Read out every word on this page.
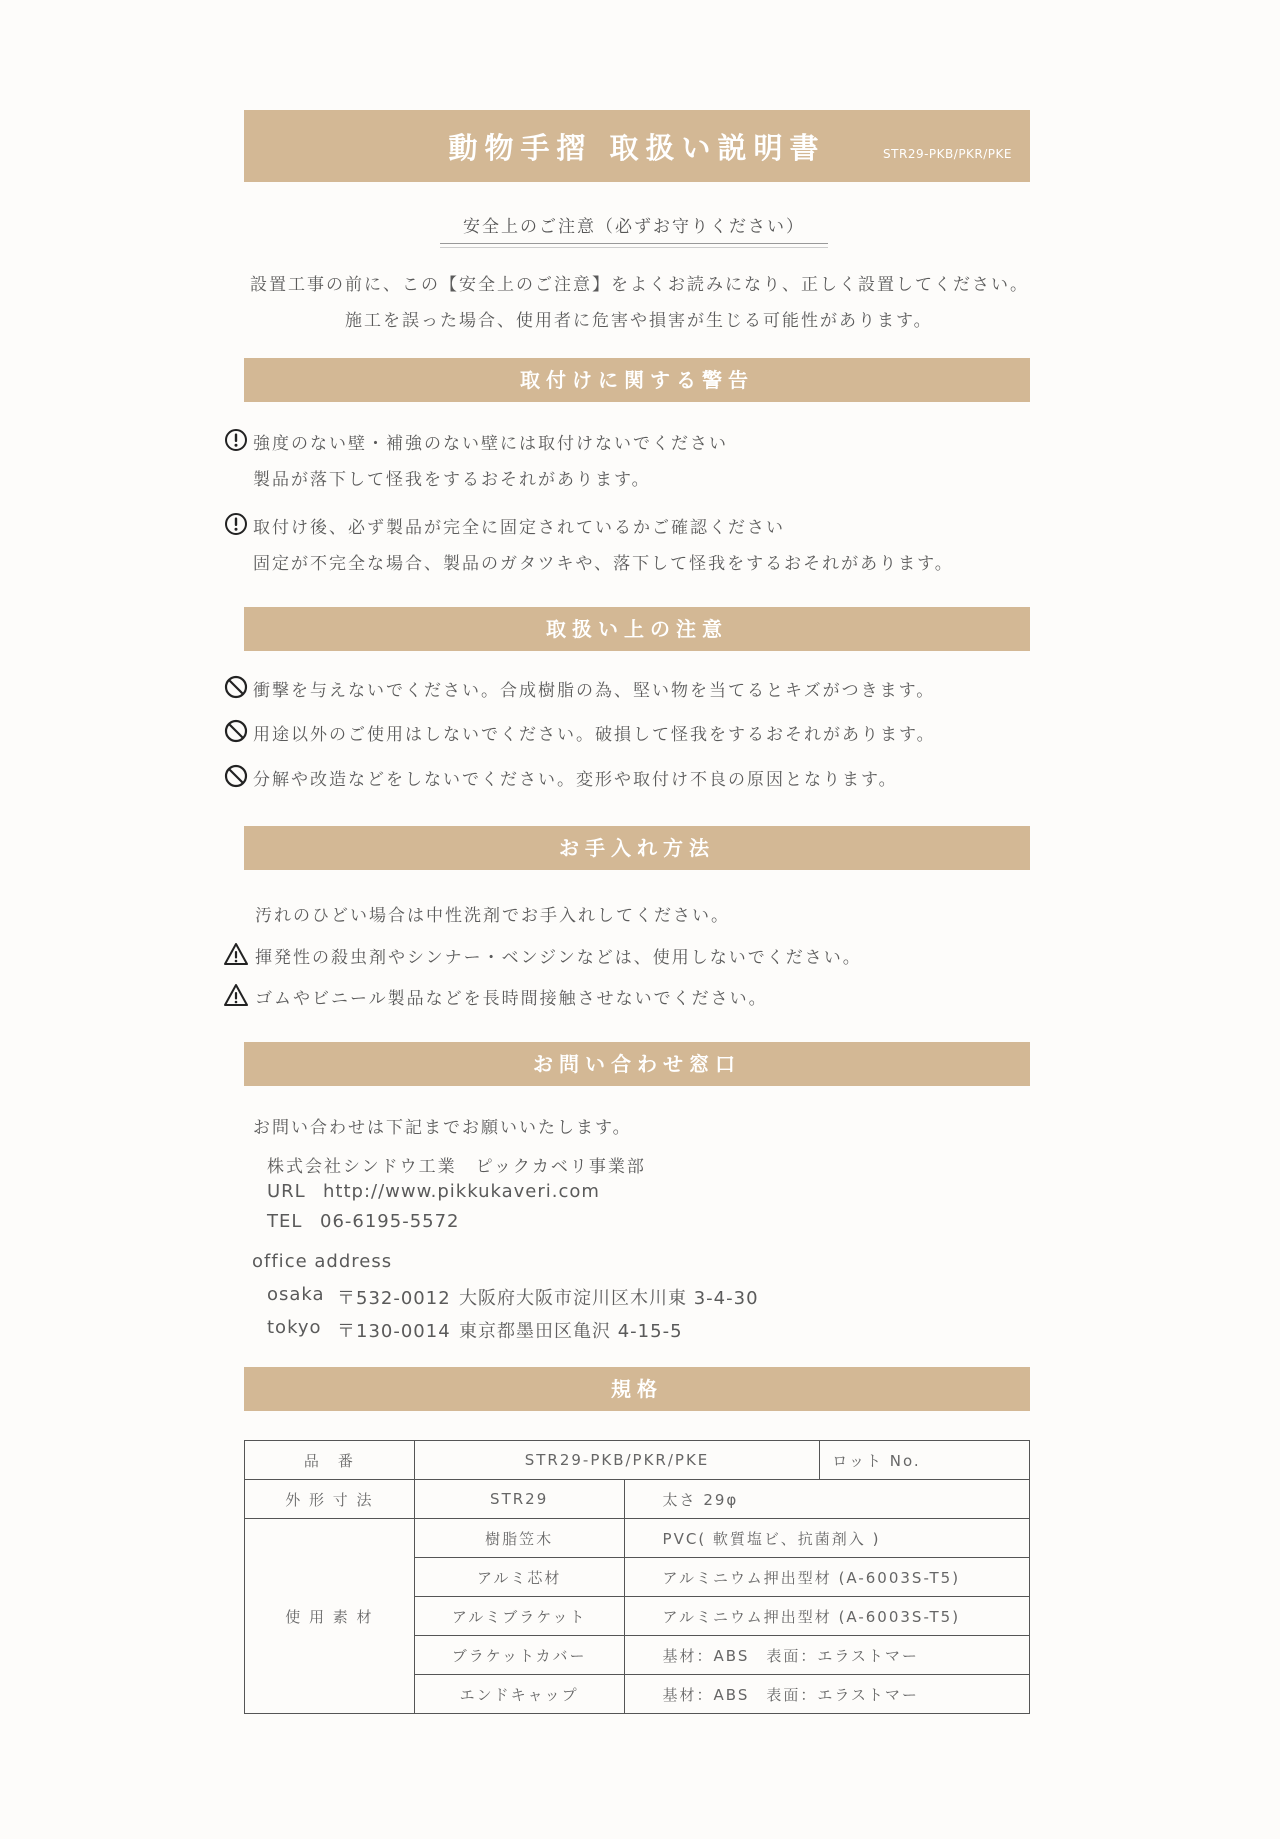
動物手摺 取扱い説明書	STR29-PKB/PKR/PKE
安全上のご注意（必ずお守りください）
設置工事の前に、この【安全上のご注意】をよくお読みになり、正しく設置してください。
施工を誤った場合、使用者に危害や損害が生じる可能性があります。
取付けに関する警告
強度のない壁・補強のない壁には取付けないでください
製品が落下して怪我をするおそれがあります。
取付け後、必ず製品が完全に固定されているかご確認ください
固定が不完全な場合、製品のガタツキや、落下して怪我をするおそれがあります。
取扱い上の注意
衝撃を与えないでください。合成樹脂の為、堅い物を当てるとキズがつきます。
用途以外のご使用はしないでください。破損して怪我をするおそれがあります。
分解や改造などをしないでください。変形や取付け不良の原因となります。
お手入れ方法
汚れのひどい場合は中性洗剤でお手入れしてください。
揮発性の殺虫剤やシンナー・ベンジンなどは、使用しないでください。
ゴムやビニール製品などを長時間接触させないでください。
お問い合わせ窓口
お問い合わせは下記までお願いいたします。
株式会社シンドウ工業　ピックカベリ事業部
URL http://www.pikkukaveri.com
TEL 06-6195-5572
office address
osaka 〒532-0012 大阪府大阪市淀川区木川東 3-4-30
tokyo 〒130-0014 東京都墨田区亀沢 4-15-5
規格
品　番	STR29-PKB/PKR/PKE		ロット No.
外 形 寸 法	STR29	太さ 29φ	
使 用 素 材	樹脂笠木	PVC( 軟質塩ビ、抗菌剤入 )	
	アルミ芯材	アルミニウム押出型材 (A-6003S-T5)	
	アルミブラケット	アルミニウム押出型材 (A-6003S-T5)	
	ブラケットカバー	基材：ABS　表面：エラストマー	
	エンドキャップ	基材：ABS　表面：エラストマー	
